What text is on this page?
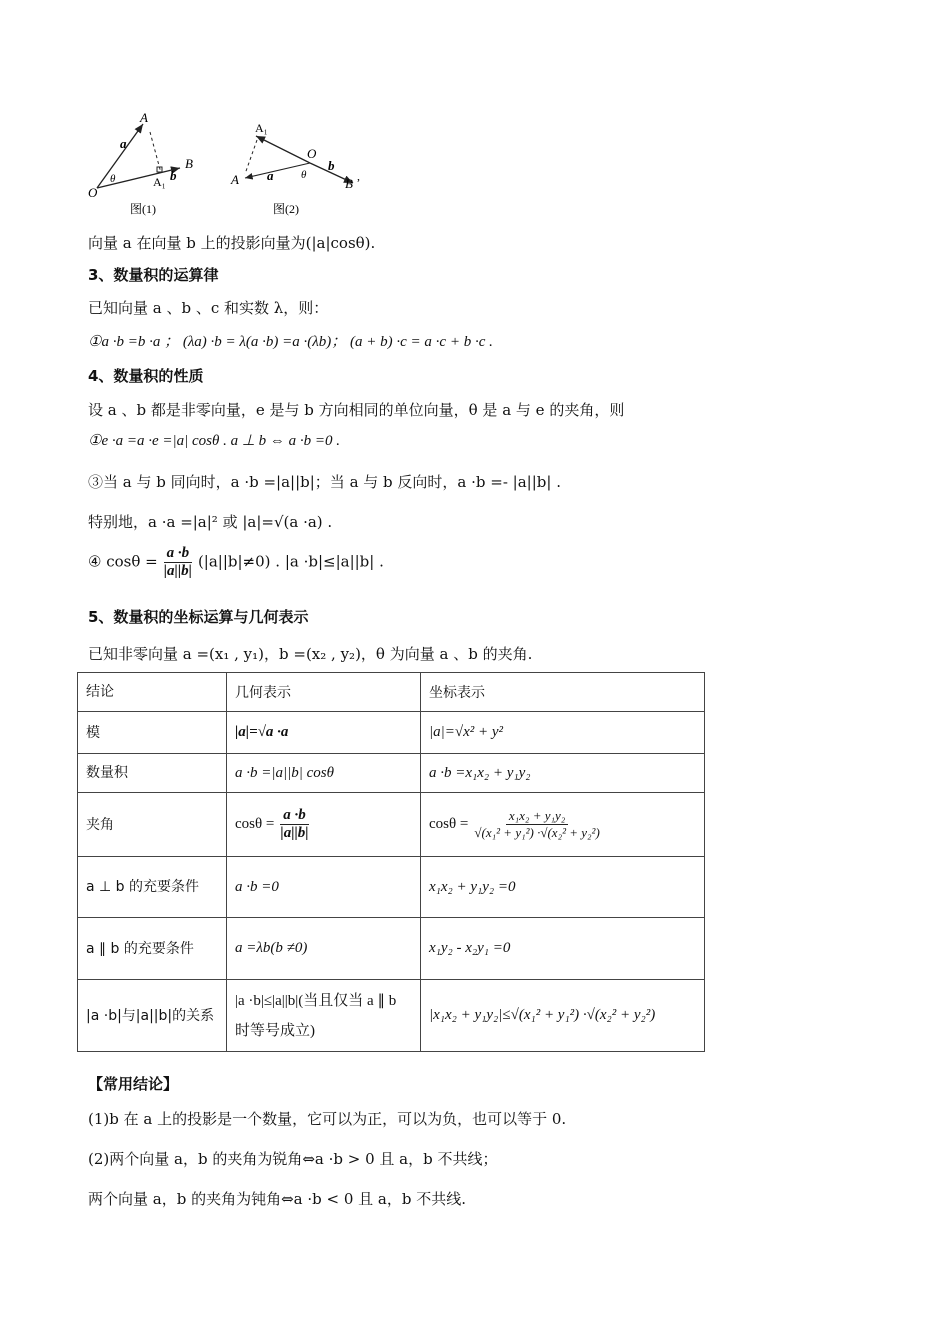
A
a
B
θ	A₁ b
O
图(1)
A₁
O
b
A a	θ
B ,
图(2)
向量 a 在向量 b 上的投影向量为(|a|cosθ).
3、数量积的运算律
已知向量 a 、b 、c 和实数 λ，则：
①a ·b =b ·a ； (λa) ·b = λ(a ·b) =a ·(λb)； (a + b) ·c = a ·c + b ·c .
4、数量积的性质
设 a 、b 都是非零向量，e 是与 b 方向相同的单位向量，θ 是 a 与 e 的夹角，则
①e ·a =a ·e =|a| cosθ . a ⊥ b ⇔ a ·b =0 .
③当 a 与 b 同向时，a ·b =|a||b|；当 a 与 b 反向时，a ·b =- |a||b| .
特别地，a ·a =|a|² 或 |a|=√(a ·a) .
④ $\cos\theta = \frac{a \cdot b}{|a||b|} (|a||b|\ne 0)$ . |a ·b|≤|a||b| .
5、数量积的坐标运算与几何表示
已知非零向量 a =(x₁ , y₁)，b =(x₂ , y₂)，θ 为向量 a 、b 的夹角.
结论	几何表示	坐标表示
模	|a|=√a ·a	|a|=√x² + y²
数量积	a ·b =|a||b| cosθ	a ·b =x₁x₂ + y₁y₂
夹角	$\cos\theta = \frac{a \cdot b}{|a||b|}$	$\cos\theta = \frac{\text{x₁x₂ + y₁y₂}}{\text{√(x₁² + y₁²) ·√(x₂² + y₂²)}}$

a ⊥ b 的充要条件	a ·b =0	x₁x₂ + y₁y₂ =0
a ∥ b 的充要条件	a =λb(b ≠0)	x₁y₂ - x₂y₁ =0
|a ·b|与|a||b|的关系	|a ·b|≤|a||b|(当且仅当 a ∥ b 时等号成立)	|x₁x₂ + y₁y₂|≤√(x₁² + y₁²) ·√(x₂² + y₂²)
【常用结论】
(1)b 在 a 上的投影是一个数量，它可以为正，可以为负，也可以等于 0.
(2)两个向量 a，b 的夹角为锐角⇔a ·b > 0 且 a，b 不共线；
两个向量 a，b 的夹角为钝角⇔a ·b < 0 且 a，b 不共线.
